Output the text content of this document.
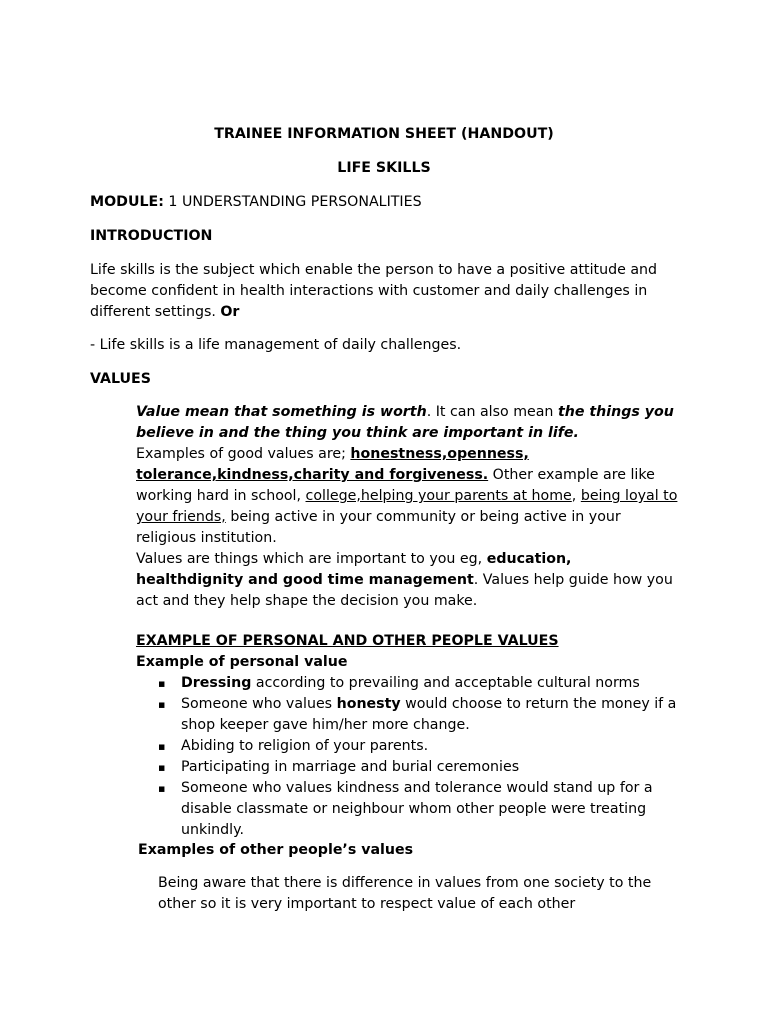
TRAINEE INFORMATION SHEET (HANDOUT)
LIFE SKILLS
MODULE: 1 UNDERSTANDING PERSONALITIES
INTRODUCTION

Life skills is the subject which enable the person to have a positive attitude and become confident in health interactions with customer and daily challenges in different settings. Or

- Life skills is a life management of daily challenges.

VALUES

Value mean that something is worth. It can also mean the things you believe in and the thing you think are important in life.

Examples of good values are; honestness,openness, tolerance,kindness,charity and forgiveness. Other example are like working hard in school, college,helping your parents at home, being loyal to your friends, being active in your community or being active in your religious institution.

Values are things which are important to you eg, education, healthdignity and good time management. Values help guide how you act and they help shape the decision you make.

EXAMPLE OF PERSONAL AND OTHER PEOPLE VALUES
Example of personal value
▪ Dressing according to prevailing and acceptable cultural norms
▪ Someone who values honesty would choose to return the money if a shop keeper gave him/her more change.
▪ Abiding to religion of your parents.
▪ Participating in marriage and burial ceremonies
▪ Someone who values kindness and tolerance would stand up for a disable classmate or neighbour whom other people were treating unkindly.
Examples of other people’s values

Being aware that there is difference in values from one society to the other so it is very important to respect value of each other
